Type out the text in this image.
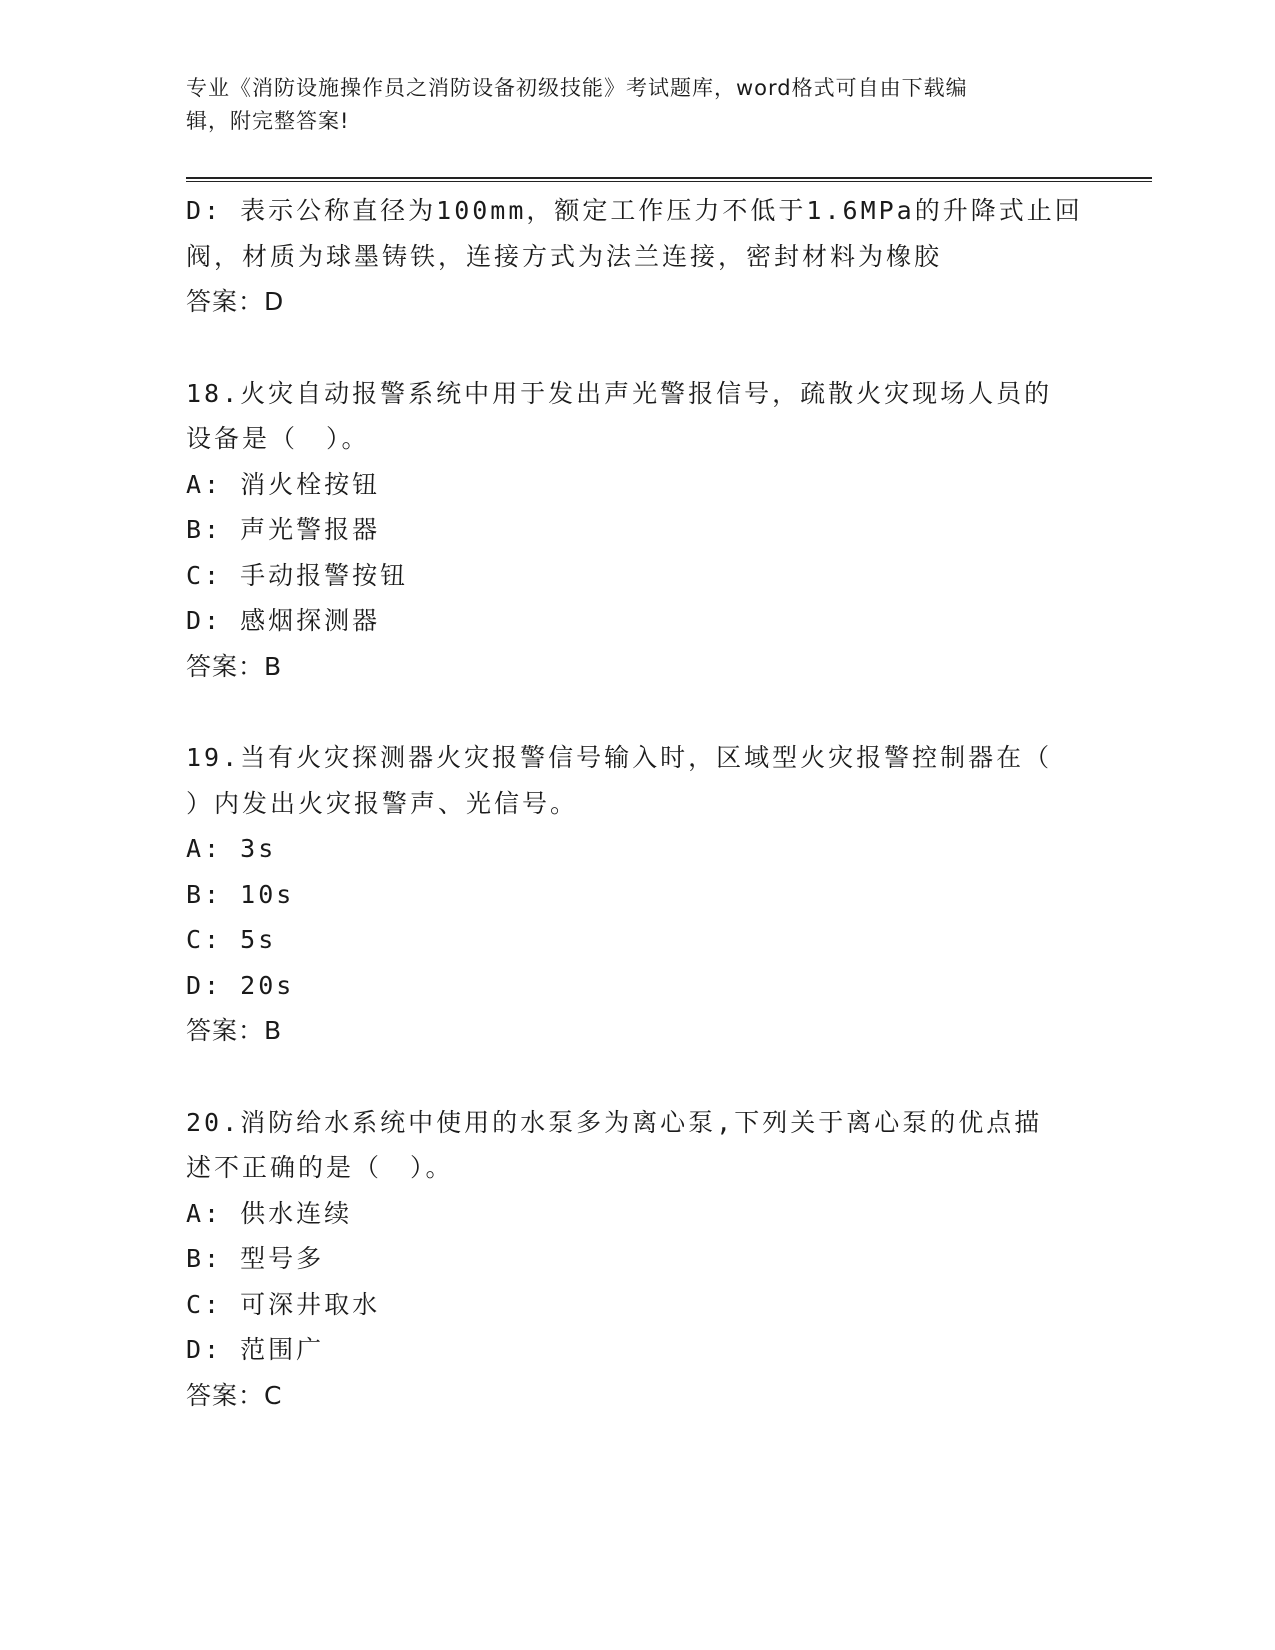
专业《消防设施操作员之消防设备初级技能》考试题库，word格式可自由下载编
辑，附完整答案!
D: 表示公称直径为100mm，额定工作压力不低于1.6MPa的升降式止回
阀，材质为球墨铸铁，连接方式为法兰连接，密封材料为橡胶
答案：D
18.火灾自动报警系统中用于发出声光警报信号，疏散火灾现场人员的
设备是（　）。
A: 消火栓按钮
B: 声光警报器
C: 手动报警按钮
D: 感烟探测器
答案：B
19.当有火灾探测器火灾报警信号输入时，区域型火灾报警控制器在（
）内发出火灾报警声、光信号。
A: 3s
B: 10s
C: 5s
D: 20s
答案：B
20.消防给水系统中使用的水泵多为离心泵,下列关于离心泵的优点描
述不正确的是（　）。
A: 供水连续
B: 型号多
C: 可深井取水
D: 范围广
答案：C
